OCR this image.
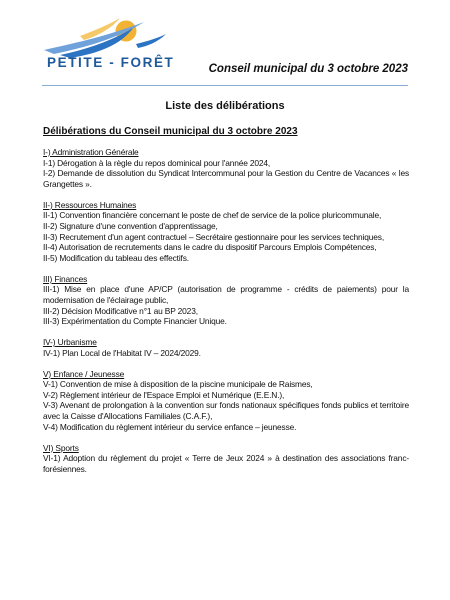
PETITE - FORÊT	Conseil municipal du 3 octobre 2023
Liste des délibérations
Délibérations du Conseil municipal du 3 octobre 2023
I-) Administration Générale
I-1) Dérogation à la règle du repos dominical pour l'année 2024,
I-2) Demande de dissolution du Syndicat Intercommunal pour la Gestion du Centre de Vacances « les Grangettes ».
II-) Ressources Humaines
II-1) Convention financière concernant le poste de chef de service de la police pluricommunale,
II-2) Signature d'une convention d'apprentissage,
II-3) Recrutement d'un agent contractuel – Secrétaire gestionnaire pour les services techniques,
II-4) Autorisation de recrutements dans le cadre du dispositif Parcours Emplois Compétences,
II-5) Modification du tableau des effectifs.
III) Finances
III-1) Mise en place d'une AP/CP (autorisation de programme - crédits de paiements) pour la modernisation de l'éclairage public,
III-2) Décision Modificative n°1 au BP 2023,
III-3) Expérimentation du Compte Financier Unique.
IV-) Urbanisme
IV-1) Plan Local de l'Habitat IV – 2024/2029.
V) Enfance / Jeunesse
V-1) Convention de mise à disposition de la piscine municipale de Raismes,
V-2) Règlement intérieur de l'Espace Emploi et Numérique (E.E.N.),
V-3) Avenant de prolongation à la convention sur fonds nationaux spécifiques fonds publics et territoire avec la Caisse d'Allocations Familiales (C.A.F.),
V-4) Modification du règlement intérieur du service enfance – jeunesse.
VI) Sports
VI-1) Adoption du règlement du projet « Terre de Jeux 2024 » à destination des associations franc-forésiennes.
